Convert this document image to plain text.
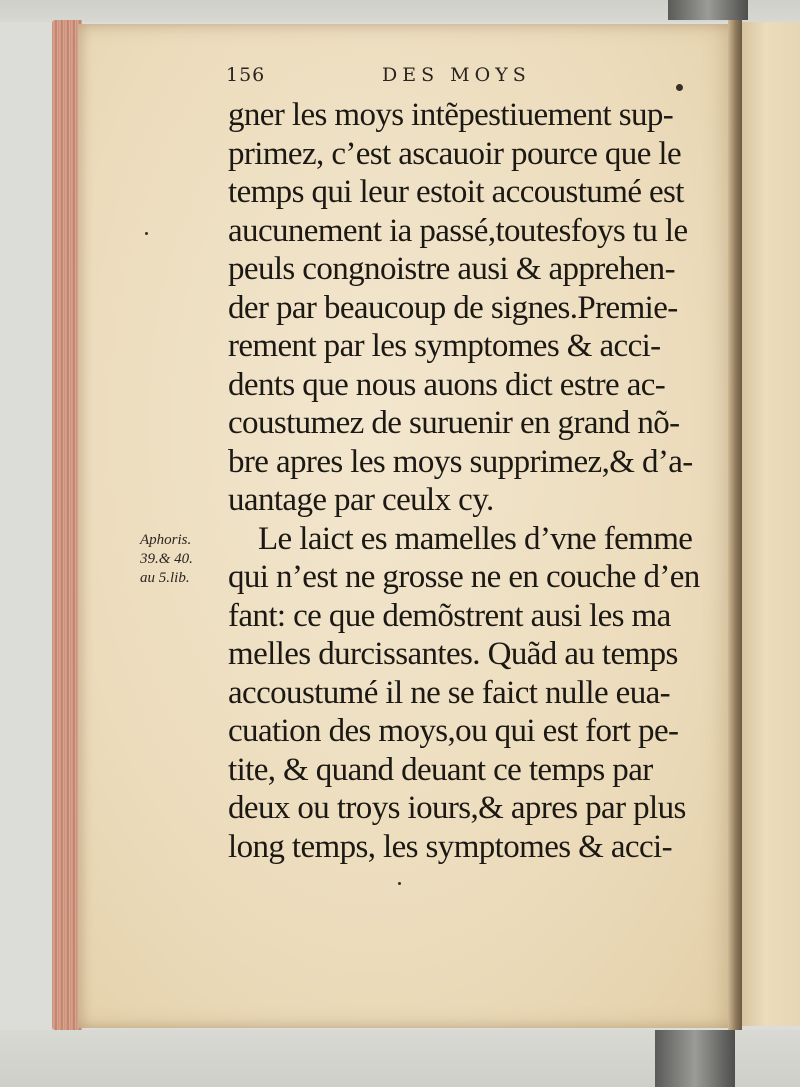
156	DES MOYS
Aphoris.
39.& 40.
au 5.lib.
gner les moys intẽpestiuement sup-
primez, c’est ascauoir pource que le
temps qui leur estoit accoustumé est
aucunement ia passé,toutesfoys tu le
peuls congnoistre ausi & apprehen-
der par beaucoup de signes.Premie-
rement par les symptomes & acci-
dents que nous auons dict estre ac-
coustumez de suruenir en grand nõ-
bre apres les moys supprimez,& d’a-
uantage par ceulx cy.
Le laict es mamelles d’vne femme
qui n’est ne grosse ne en couche d’en
fant: ce que demõstrent ausi les ma
melles durcissantes. Quãd au temps
accoustumé il ne se faict nulle eua-
cuation des moys,ou qui est fort pe-
tite, & quand deuant ce temps par
deux ou troys iours,& apres par plus
long temps, les symptomes & acci-
